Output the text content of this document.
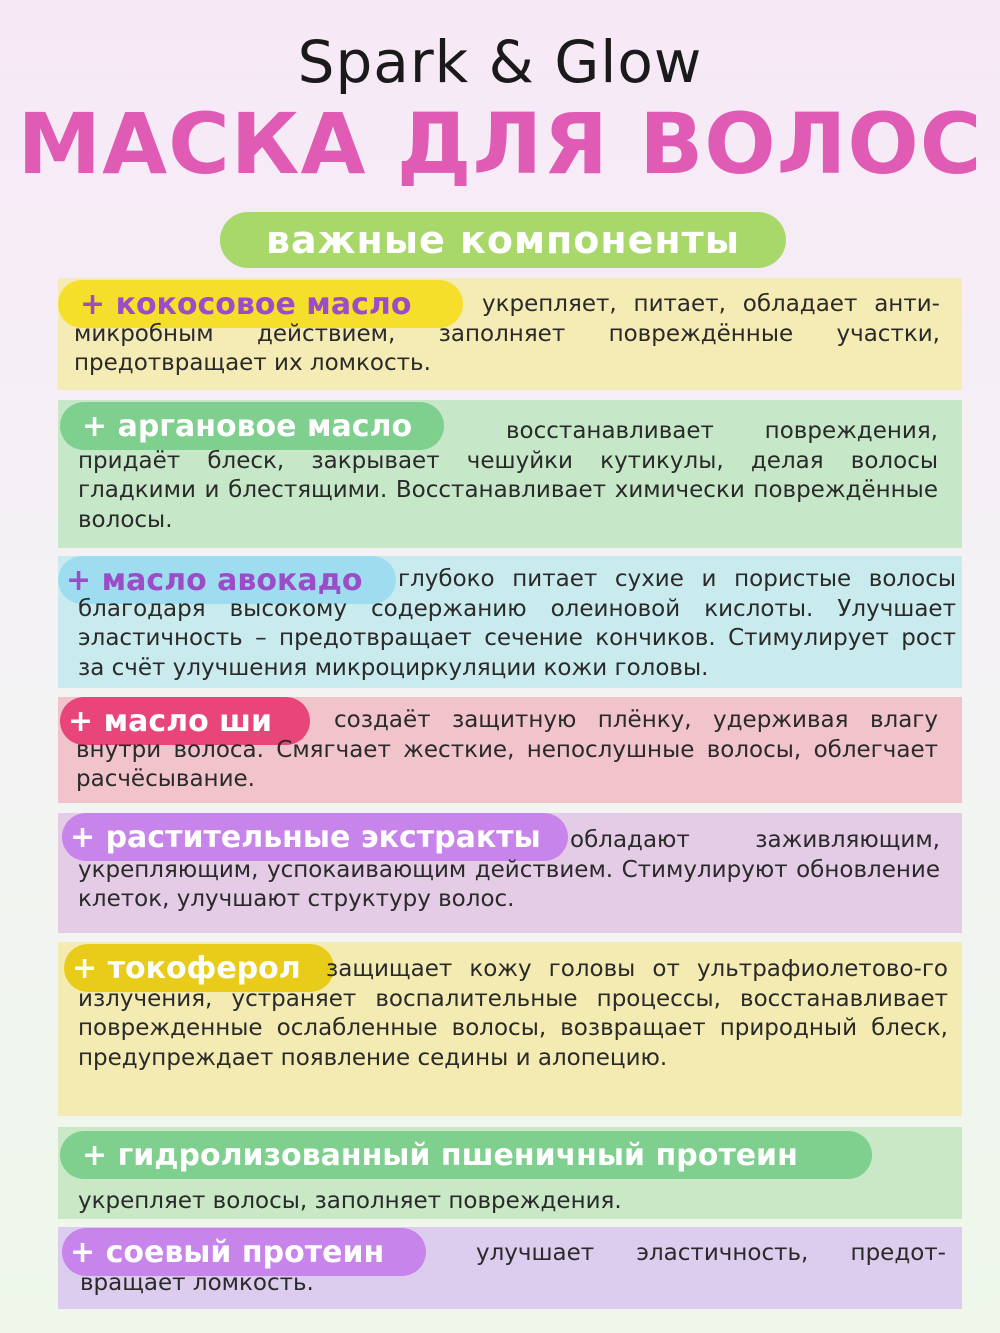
Spark & Glow
МАСКА ДЛЯ ВОЛОС
важные компоненты
+ кокосовое масло	укрепляет, питает, обладает анти-микробным действием, заполняет повреждённые участки, предотвращает их ломкость.
+ аргановое масло	восстанавливает повреждения, придаёт блеск, закрывает чешуйки кутикулы, делая волосы гладкими и блестящими. Восстанавливает химически повреждённые волосы.
+ масло авокадо	глубоко питает сухие и пористые волосы благодаря высокому содержанию олеиновой кислоты. Улучшает эластичность – предотвращает сечение кончиков. Стимулирует рост за счёт улучшения микроциркуляции кожи головы.
+ масло ши	создаёт защитную плёнку, удерживая влагу внутри волоса. Смягчает жесткие, непослушные волосы, облегчает расчёсывание.
+ растительные экстракты	обладают заживляющим, укрепляющим, успокаивающим действием. Стимулируют обновление клеток, улучшают структуру волос.
+ токоферол	защищает кожу головы от ультрафиолетово-го излучения, устраняет воспалительные процессы, восстанавливает поврежденные ослабленные волосы, возвращает природный блеск, предупреждает появление седины и алопецию.
+ гидролизованный пшеничный протеин
укрепляет волосы, заполняет повреждения.
+ соевый протеин	улучшает эластичность, предот-вращает ломкость.
